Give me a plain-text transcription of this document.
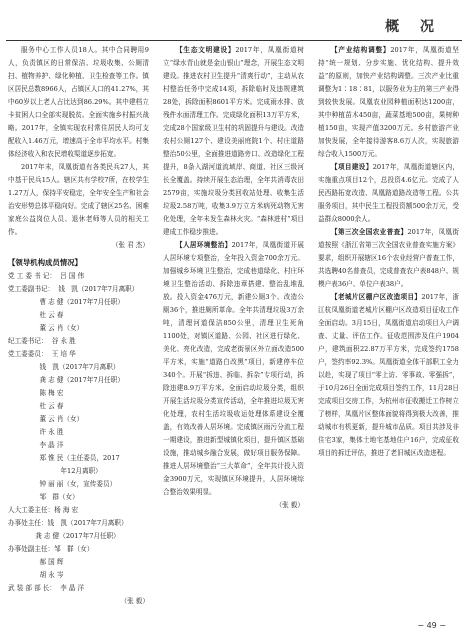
概 况

服务中心工作人员18人。其中合同聘用9人，负责镇区的日常保洁、垃圾收集、公厕清扫、植物养护、绿化种植、卫生检查等工作。镇区居民总数8966人，占镇区人口的41.27%，其中60岁以上老人占比达到86.29%。其中建档立卡贫困人口全部实现脱贫。全面实施乡村振兴战略。2017年，全镇实现农村常住居民人均可支配收入1.46万元，增速高于全市平均水平。村集体经济收入和农民增收渠道逐步拓宽。

2017年末，凤凰街道有各类民兵27人，其中基干民兵15人。辖区共有学校7所，在校学生1.27万人，保持平安稳定，全年安全生产和社会治安形势总体平稳向好。完成了辖区25名、困难家庭公益岗位人员、退休老师等人员的相关工作。

（张 君 杰）

【领导机构成员情况】
党 工 委 书 记：  吕 国 伟
党工委副书记：  钱   凯（2017年7月离职）
曹 志 健（2017年7月任职）
杜 云 春
董 云 肖（女）
纪工委书记：  谷 永 胜
党工委委员：  王 培 华
钱   凯（2017年7月离职）
龚 志 健（2017年7月任职）
陈 梅 宏
杜 云 春
董 云 肖（女）
许 永 胜
李 晶 洋
郑 惟 民（主任委员，2017
年12月离职）
钟 丽 丽（女，宣传委员）
邹   群（女）
人大工委主任：杨 海 宏
办事处主任：钱   凯（2017年7月离职）
龚 志 健（2017年7月任职）
办事处副主任：邹   群（女）
郝 国 辉
胡 永 岑
武 装 部 部 长：  李 晶 洋

（张 毅）

【生态文明建设】2017年，凤凰街道树立“绿水青山就是金山银山”理念，开展生态文明建设。推进农村卫生提升“清爽行动”，主动从农村整治任务中完成14项，拆除临时及违规建筑28处，拆除面积8601平方米。完成雨水排、放残件水面清理工作。完成绿化面积13万平方米，完成28个国家级卫生村的巩固提升与建设。改造农村公厕127个、建设美丽庭院1个、村庄道路整治50公里，全面推进道路旁口、改造绿化工程提升，8条入湖河道流域岸、商道、社区三级河长全覆盖。持续开展生态治理，全年共消毒农田2579亩，实施垃圾分类回收站处理、收集生活垃圾2.58万吨，收集3.9万立方米病死动物无害化处理，全年未发生森林火灾。“森林进村”项目建成工作稳步推进。

【人居环境整治】2017年，凤凰街道开展人居环境专项整治，全年投入资金700余万元。加强城乡环境卫生整治，完成巷道绿化、村庄环境卫生整治活动、拆除违章搭建、整治乱堆乱放。投入资金476万元，新建公厕3个、改造公厕36个，推进厕所革命。全年共清理垃圾3万余吨，清理河道保洁850公里，清理卫生死角1100处，对镇区道路、公园、社区进行绿化、美化、亮化改造，完成老街景区外立面改造500平方米，实施“道路白改黑”项目，新建停车位340个。开展“拆违、拆临、拆杂”专项行动，拆除违建8.9万平方米。全面启动垃圾分类，组织开展生活垃圾分类宣传活动，全年推进垃圾无害化处理，农村生活垃圾收运处理体系建设全覆盖，有效改善人居环境。完成镇区雨污分流工程一期建设，推进新型城镇化项目，提升镇区基础设施，推动城乡融合发展，做好项目服务保障。推进人居环境整治“三大革命”，全年共计投入资金3900万元，实现镇区环境提升，人居环境综合整治效果明显。

（张 毅）

【产业结构调整】2017年，凤凰街道坚持“统一规划、分步实施、优化结构、提升效益”的原则，加快产业结构调整。三次产业比重调整为1∶18∶81，以服务业为主的第三产业得到较快发展。凤凰农业园种植面积达1200亩，其中种植苗木450亩，蔬菜基地500亩，果树种植150亩，实现产值3200万元。乡村旅游产业加快发展，全年接待游客8.6万人次，实现旅游综合收入1500万元。

【项目建设】2017年，凤凰街道辖区内，实施重点项目12个，总投资4.6亿元。完成了人民西路拓宽改造、凤凰路道路改造等工程。公共服务项目，其中民生工程投资额500余万元，受益群众8000余人。

【第三次全国农业普查】2017年，凤凰街道按照《浙江省第三次全国农业普查实施方案》要求，组织开展辖区16个农业经营户普查工作，共选聘40名普查员，完成普查农户表848户、规模户表36户、单位户表38户。

【老城片区棚户区改造项目】2017年，浙江杭凤凰街道老城片区棚户区改造项目征收工作全面启动。3月15日，凤凰街道启动项目入户调查、丈量、评估工作。征收范围涉及住户1904户，建筑面积22.87万平方米，完成签约1758户，签约率92.3%。凤凰街道全体干部职工全力以赴，实现了项目“零上访、零事故、零强拆”，于10月26日全面完成项目签约工作，11月28日完成项目交房工作，为杭州市征收搬迁工作树立了榜样，凤凰片区整体面貌将得到极大改善，推动城市有机更新，提升城市品质。项目共涉及非住宅3家，集体土地宅基地住户16户，完成征收项目的拆迁评估，推进了老旧城区改造进程。

− 49 −
